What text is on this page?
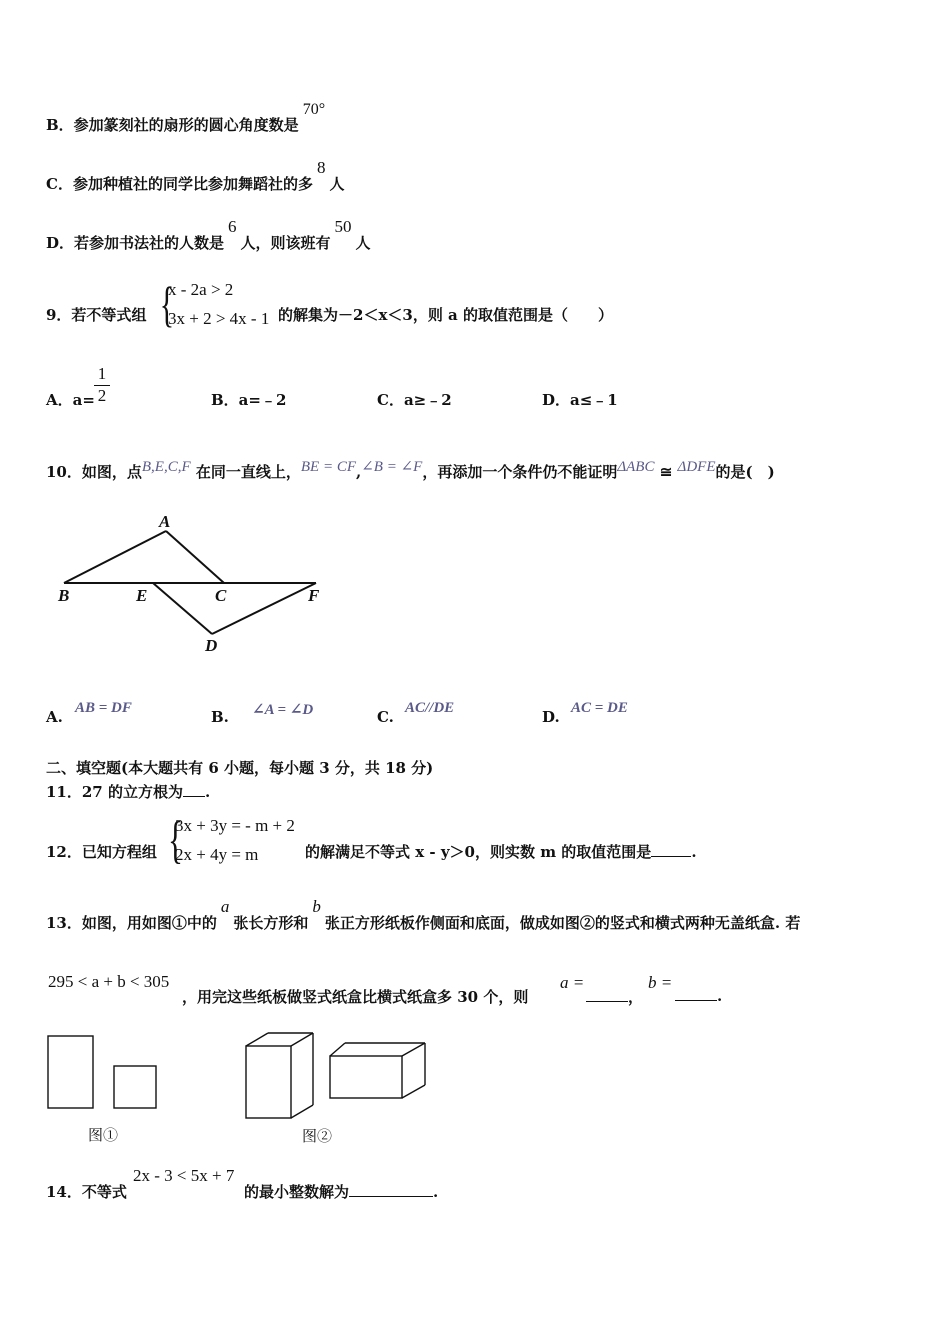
B．参加篆刻社的扇形的圆心角度数是70°
C．参加种植社的同学比参加舞蹈社的多8人
D．若参加书法社的人数是6人，则该班有50人
9．若不等式组 {
x - 2a > 2
3x + 2 > 4x - 1 的解集为－2＜x＜3，则 a 的取值范围是（　　）
A．$a= \frac{1}{2}$	B．a=﹣2	C．a≥﹣2	D．a≤﹣1
10．如图，点B,E,C,F 在同一直线上，BE = CF,∠B = ∠F，再添加一个条件仍不能证明ΔABC ≅ ΔDFE的是(　)
A
B	E	C	F
D
A. AB = DF	B. ∠A = ∠D	C. AC//DE	D. AC = DE
二、填空题(本大题共有 6 小题，每小题 3 分，共 18 分)
11．27 的立方根为 .
12．已知方程组 {
3x + 3y = - m + 2
2x + 4y = m	的解满足不等式 x - y＞0，则实数 m 的取值范围是	.
13．如图，用如图①中的a张长方形和b张正方形纸板作侧面和底面，做成如图②的竖式和横式两种无盖纸盒. 若
295 < a + b < 305
，用完这些纸板做竖式纸盒比横式纸盒多 30 个，则
a =
，
b =
.
图①	图②
14．不等式
2x - 3 < 5x + 7
的最小整数解为	.
